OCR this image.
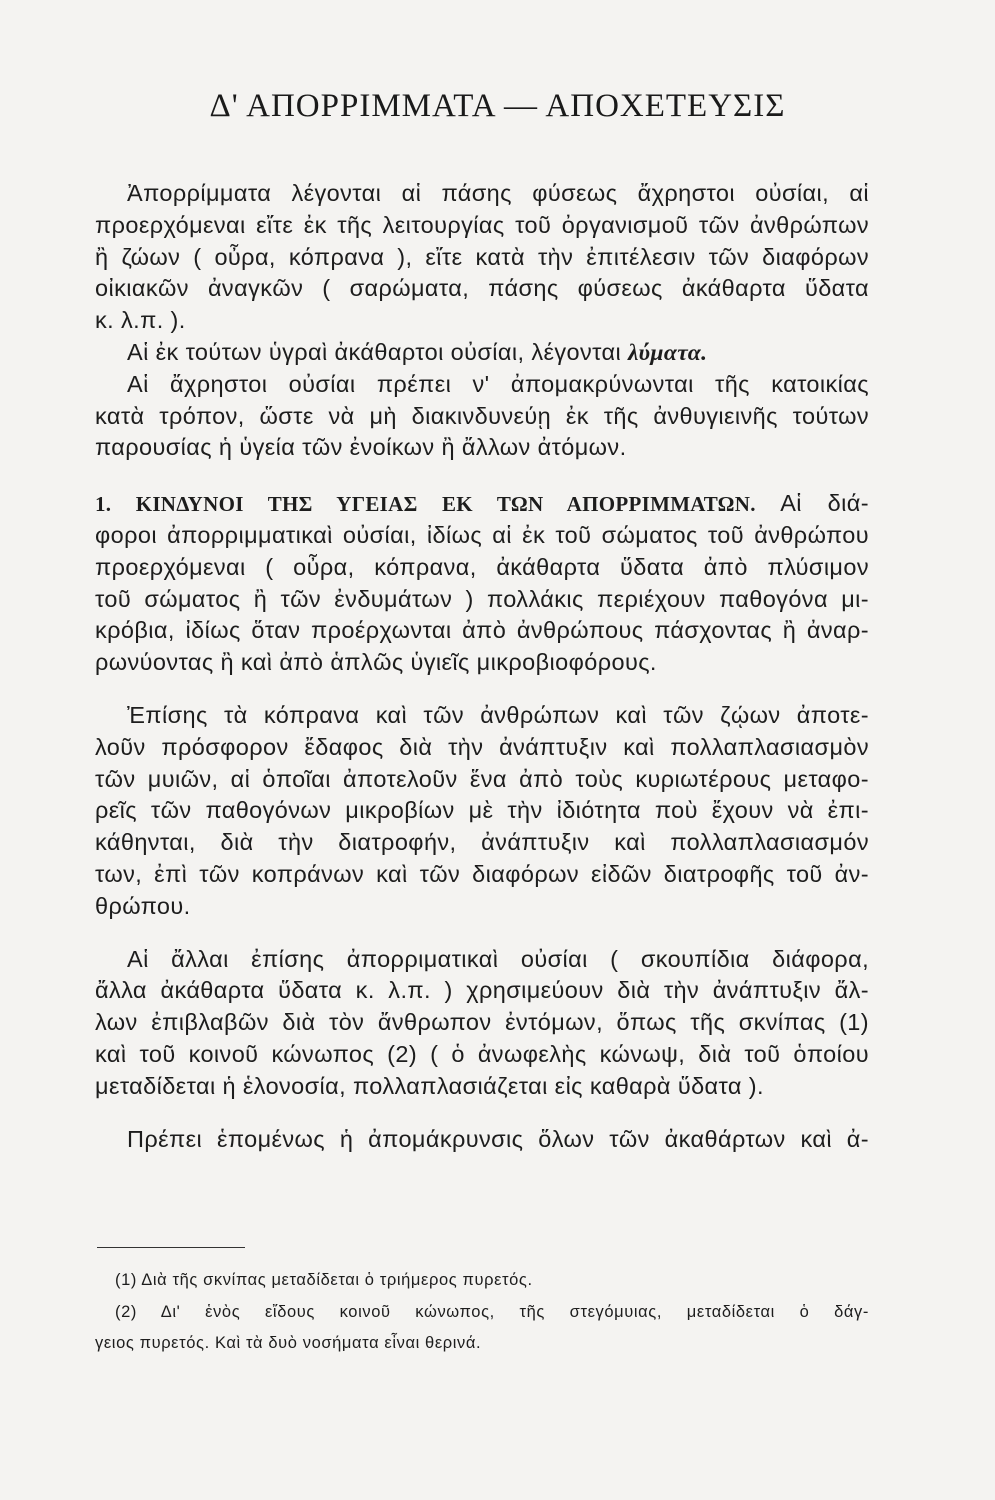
Δ' ΑΠΟΡΡΙΜΜΑΤΑ — ΑΠΟΧΕΤΕΥΣΙΣ
Ἀπορρίμματα λέγονται αἱ πάσης φύσεως ἄχρηστοι οὐσίαι, αἱ
προερχόμεναι εἴτε ἐκ τῆς λειτουργίας τοῦ ὀργανισμοῦ τῶν ἀνθρώπων
ἢ ζώων ( οὖρα, κόπρανα ), εἴτε κατὰ τὴν ἐπιτέλεσιν τῶν διαφόρων
οἰκιακῶν ἀναγκῶν ( σαρώματα, πάσης φύσεως ἀκάθαρτα ὕδατα
κ. λ.π. ).
Αἱ ἐκ τούτων ὑγραὶ ἀκάθαρτοι οὐσίαι, λέγονται λύματα.
Αἱ ἄχρηστοι οὐσίαι πρέπει ν' ἀπομακρύνωνται τῆς κατοικίας
κατὰ τρόπον, ὥστε νὰ μὴ διακινδυνεύῃ ἐκ τῆς ἀνθυγιεινῆς τούτων
παρουσίας ἡ ὑγεία τῶν ἐνοίκων ἢ ἄλλων ἀτόμων.
1. ΚΙΝΔΥΝΟΙ ΤΗΣ ΥΓΕΙΑΣ ΕΚ ΤΩΝ ΑΠΟΡΡΙΜΜΑΤΩΝ. Αἱ διά-
φοροι ἀπορριμματικαὶ οὐσίαι, ἰδίως αἱ ἐκ τοῦ σώματος τοῦ ἀνθρώπου
προερχόμεναι ( οὖρα, κόπρανα, ἀκάθαρτα ὕδατα ἀπὸ πλύσιμον
τοῦ σώματος ἢ τῶν ἐνδυμάτων ) πολλάκις περιέχουν παθογόνα μι-
κρόβια, ἰδίως ὅταν προέρχωνται ἀπὸ ἀνθρώπους πάσχοντας ἢ ἀναρ-
ρωνύοντας ἢ καὶ ἀπὸ ἁπλῶς ὑγιεῖς μικροβιοφόρους.
Ἐπίσης τὰ κόπρανα καὶ τῶν ἀνθρώπων καὶ τῶν ζῴων ἀποτε-
λοῦν πρόσφορον ἔδαφος διὰ τὴν ἀνάπτυξιν καὶ πολλαπλασιασμὸν
τῶν μυιῶν, αἱ ὁποῖαι ἀποτελοῦν ἕνα ἀπὸ τοὺς κυριωτέρους μεταφο-
ρεῖς τῶν παθογόνων μικροβίων μὲ τὴν ἰδιότητα ποὺ ἔχουν νὰ ἐπι-
κάθηνται, διὰ τὴν διατροφήν, ἀνάπτυξιν καὶ πολλαπλασιασμόν
των, ἐπὶ τῶν κοπράνων καὶ τῶν διαφόρων εἰδῶν διατροφῆς τοῦ ἀν-
θρώπου.
Αἱ ἄλλαι ἐπίσης ἀπορριματικαὶ οὐσίαι ( σκουπίδια διάφορα,
ἄλλα ἀκάθαρτα ὕδατα κ. λ.π. ) χρησιμεύουν διὰ τὴν ἀνάπτυξιν ἄλ-
λων ἐπιβλαβῶν διὰ τὸν ἄνθρωπον ἐντόμων, ὅπως τῆς σκνίπας (1)
καὶ τοῦ κοινοῦ κώνωπος (2) ( ὁ ἀνωφελὴς κώνωψ, διὰ τοῦ ὁποίου
μεταδίδεται ἡ ἑλονοσία, πολλαπλασιάζεται εἰς καθαρὰ ὕδατα ).
Πρέπει ἑπομένως ἡ ἀπομάκρυνσις ὅλων τῶν ἀκαθάρτων καὶ ἀ-
(1) Διὰ τῆς σκνίπας μεταδίδεται ὁ τριήμερος πυρετός.
(2) Δι' ἑνὸς εἴδους κοινοῦ κώνωπος, τῆς στεγόμυιας, μεταδίδεται ὁ δάγ-
γειος πυρετός. Καὶ τὰ δυὸ νοσήματα εἶναι θερινά.
